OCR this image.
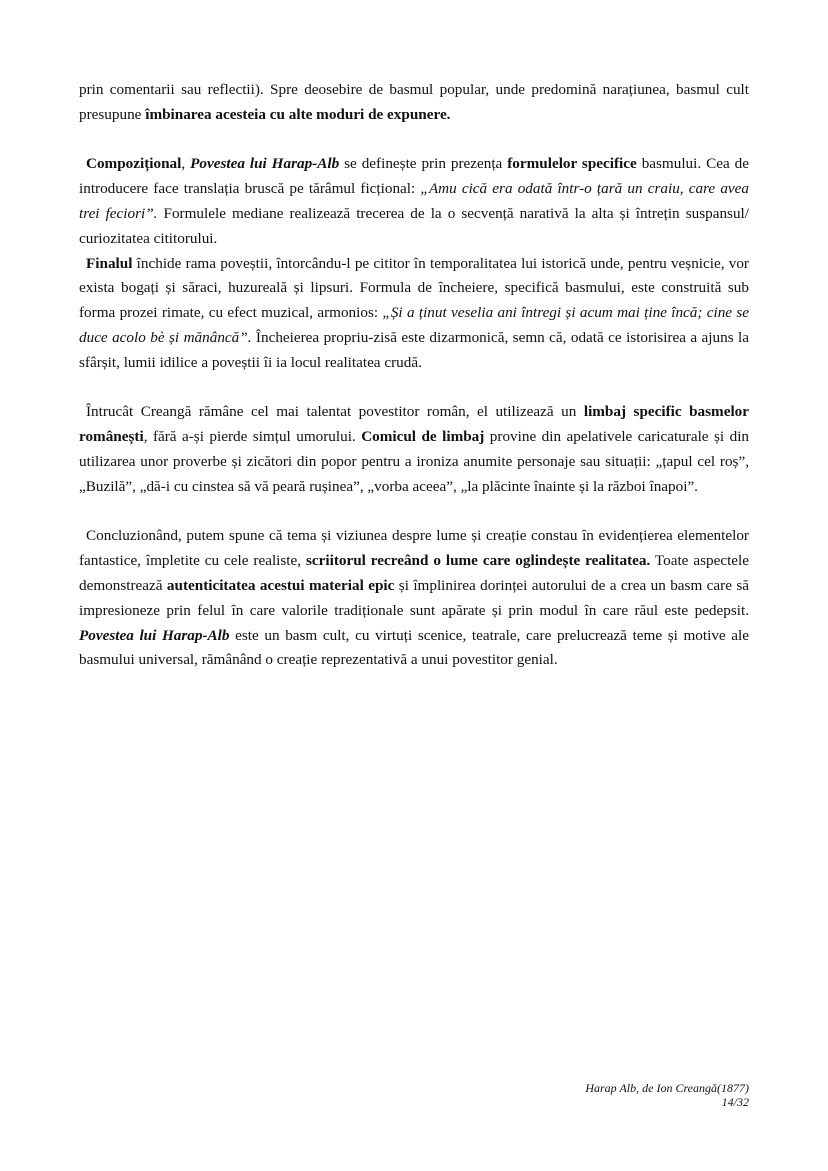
prin comentarii sau reflectii). Spre deosebire de basmul popular, unde predomină narațiunea, basmul cult presupune îmbinarea acesteia cu alte moduri de expunere.

Compozițional, Povestea lui Harap-Alb se definește prin prezența formulelor specifice basmului. Cea de introducere face translația bruscă pe tărâmul ficțional: „Amu cică era odată într-o țară un craiu, care avea trei feciori”. Formulele mediane realizează trecerea de la o secvență narativă la alta și întrețin suspansul/ curiozitatea cititorului.

Finalul închide rama poveștii, întorcându-l pe cititor în temporalitatea lui istorică unde, pentru veșnicie, vor exista bogați și săraci, huzureală și lipsuri. Formula de încheiere, specifică basmului, este construită sub forma prozei rimate, cu efect muzical, armonios: „Și a ținut veselia ani întregi și acum mai ține încă; cine se duce acolo bè și mănâncă”. Încheierea propriu-zisă este dizarmonică, semn că, odată ce istorisirea a ajuns la sfârșit, lumii idilice a poveștii îi ia locul realitatea crudă.

Întrucât Creangă rămâne cel mai talentat povestitor român, el utilizează un limbaj specific basmelor românești, fără a-și pierde simțul umorului. Comicul de limbaj provine din apelativele caricaturale și din utilizarea unor proverbe și zicători din popor pentru a ironiza anumite personaje sau situații: „țapul cel roș”, „Buzilă”, „dă-i cu cinstea să vă peară rușinea”, „vorba aceea”, „la plăcinte înainte și la război înapoi”.

Concluzionând, putem spune că tema și viziunea despre lume și creație constau în evidențierea elementelor fantastice, împletite cu cele realiste, scriitorul recreând o lume care oglindește realitatea. Toate aspectele demonstrează autenticitatea acestui material epic și împlinirea dorinței autorului de a crea un basm care să impresioneze prin felul în care valorile tradiționale sunt apărate și prin modul în care răul este pedepsit. Povestea lui Harap-Alb este un basm cult, cu virtuți scenice, teatrale, care prelucrează teme și motive ale basmului universal, rămânând o creație reprezentativă a unui povestitor genial.

Harap Alb, de Ion Creangă(1877)
14/32
